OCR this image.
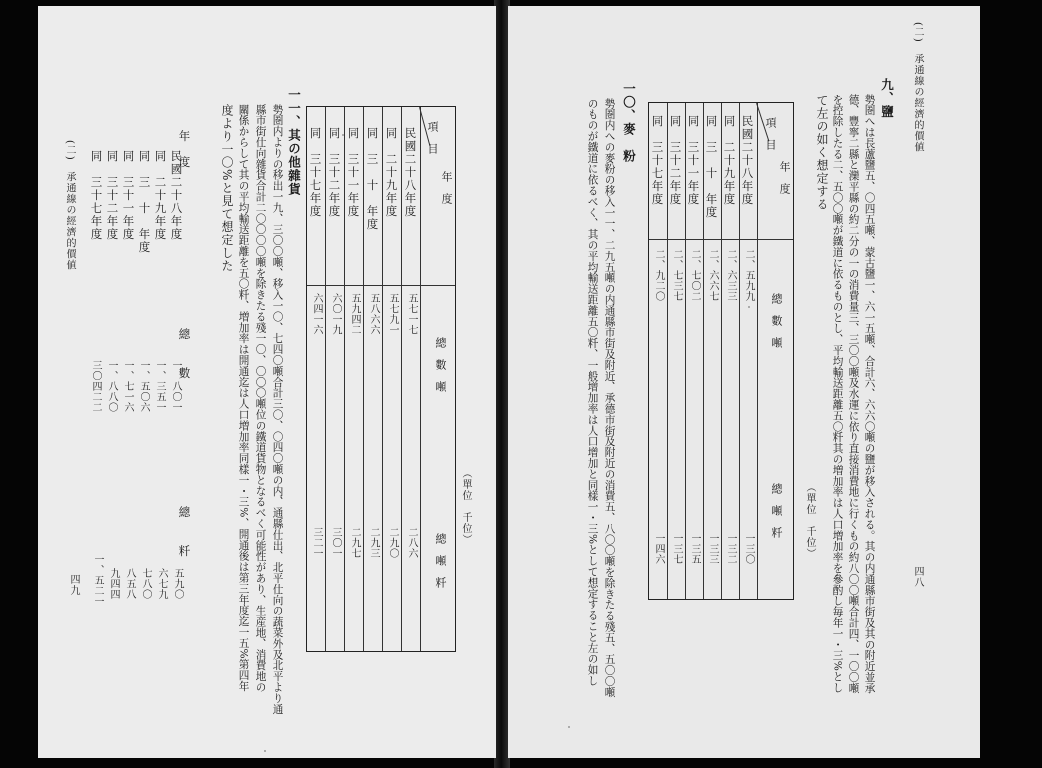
(二)　承通線の經濟的價値
四九
年　度
總　　數
總　　粁
同　三十七年度 同　三十二年度 同　三十一年度 同　三　十　年度 同　二十九年度 民國二十八年度
三〇四二二 一、八八〇 一、七一六 一、五〇六 一、三五一 一、八〇一
一、五二一 九四四 八五八 七八〇 六七九 五九〇
度より一〇%と見て想定した 關係からして其の平均輸送距離を五〇粁、増加率は開通迄は人口増加率同樣一・三%、開通後は第三年度迄一五%第四年 縣市街仕向雜貨合計二〇〇〇〇噸を除きたる殘一〇、〇〇〇噸位の鐵道貨物となるべく可能性があり、生産地、消費地の 勢圏内よりの移出一九、三〇〇噸、移入一〇、七四〇噸合計三〇、〇四〇噸の内、通縣仕出、北平仕向の蔬菜外及北平より通 一一、其の他雜貨	項　目
年　度
總　數　噸
總　噸　粁
同　三十七年度 同　三十二年度 同　三十一年度 同　三　十　年度 同　二十九年度 民國二十八年度
六四一六 六〇一九 五九四二 五八六六 五七九一 五七一七
三二一 三〇一 二九七 二九三 二九〇 二八六	（單位　千位）
四八
(二)　承通線の經濟的價値
九、鹽
勢圏へは長蘆鹽五、〇四五噸、蒙古鹽一、六一五噸、合計六、六六〇噸の鹽が移入される。其の内通縣市街及其の附近並承
德、豐寧二縣と灤平縣の約二分の一の消費量三、三〇〇噸及水運に依り直接消費地に行くもの約八〇〇噸合計四、一〇〇噸
を控除したる二、五〇〇噸が鐵道に依るものとし、平均輸送距離五〇粁其の増加率は人口増加率を參酌し毎年一・三%とし
て左の如く想定する
（單位　千位）
項　目
年　度
總　數　噸
總　噸　粁
同　三十七年度 同　三十二年度 同　三十一年度 同　三　十　年度 同　二十九年度 民國二十八年度
二、九二〇 二、七三七 二、七〇二 二、六六七 二、六三三 二、五九九
一四六 一三七 一三五 一三三 一三二 一三〇
一〇、麥　粉
勢圏内への麥粉の移入一一、二九五噸の内通縣市街及附近、承德市街及附近の消費五、八〇〇噸を除きたる殘五、五〇〇噸
のものが鐵道に依るべく、其の平均輸送距離五〇粁、一般增加率は人口增加と同樣一・三%として想定すること左の如し
